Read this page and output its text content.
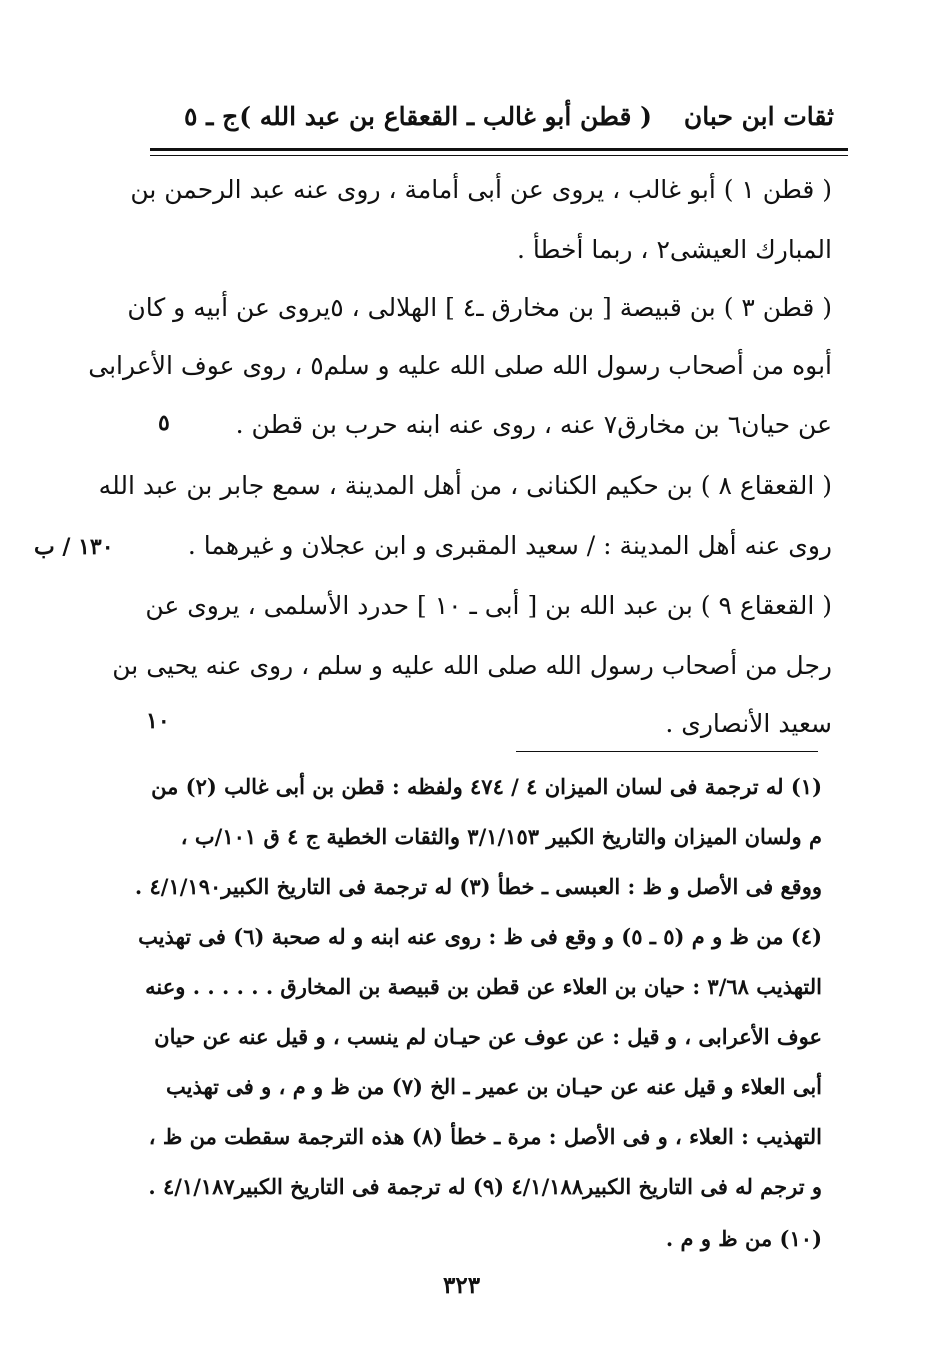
ثقات ابن حبان
( قطن أبو غالب ـ القعقاع بن عبد الله )
ج ـ ٥
( قطن ١ ) أبو غالب ، يروى عن أبى أمامة ، روى عنه عبد الرحمن بن
المبارك العيشى٢ ، ربما أخطأ .
( قطن ٣ ) بن قبيصة [ بن مخارق ـ٤ ] الهلالى ، ٥يروى عن أبيه و كان
أبوه من أصحاب رسول الله صلى الله عليه و سلم٥ ، روى عوف الأعرابى
عن حيان٦ بن مخارق٧ عنه ، روى عنه ابنه حرب بن قطن .
( القعقاع ٨ ) بن حكيم الكنانى ، من أهل المدينة ، سمع جابر بن عبد الله
روى عنه أهل المدينة : / سعيد المقبرى و ابن عجلان و غيرهما .
( القعقاع ٩ ) بن عبد الله بن [ أبى ـ ١٠ ] حدرد الأسلمى ، يروى عن
رجل من أصحاب رسول الله صلى الله عليه و سلم ، روى عنه يحيى بن
سعيد الأنصارى .
٥
١٣٠ / ب
١٠
(١) له ترجمة فى لسان الميزان ٤ / ٤٧٤ ولفظه : قطن بن أبى غالب (٢) من
م ولسان الميزان والتاريخ الكبير ٣/١/١٥٣ والثقات الخطية ج ٤ ق ١٠١/ب ،
ووقع فى الأصل و ظ : العبسى ـ خطأ (٣) له ترجمة فى التاريخ الكبير٤/١/١٩٠ .
(٤) من ظ و م (٥ ـ ٥) و وقع فى ظ : روى عنه ابنه و له صحبة (٦) فى تهذيب
التهذيب ٣/٦٨ : حيان بن العلاء عن قطن بن قبيصة بن المخارق . . . . . . وعنه
عوف الأعرابى ، و قيل : عن عوف عن حيـان لم ينسب ، و قيل عنه عن حيان
أبى العلاء و قيل عنه عن حيـان بن عمير ـ الخ (٧) من ظ و م ، و فى تهذيب
التهذيب : العلاء ، و فى الأصل : مرة ـ خطأ (٨) هذه الترجمة سقطت من ظ ،
و ترجم له فى التاريخ الكبير٤/١/١٨٨ (٩) له ترجمة فى التاريخ الكبير٤/١/١٨٧ .
(١٠) من ظ و م .
٣٢٣
